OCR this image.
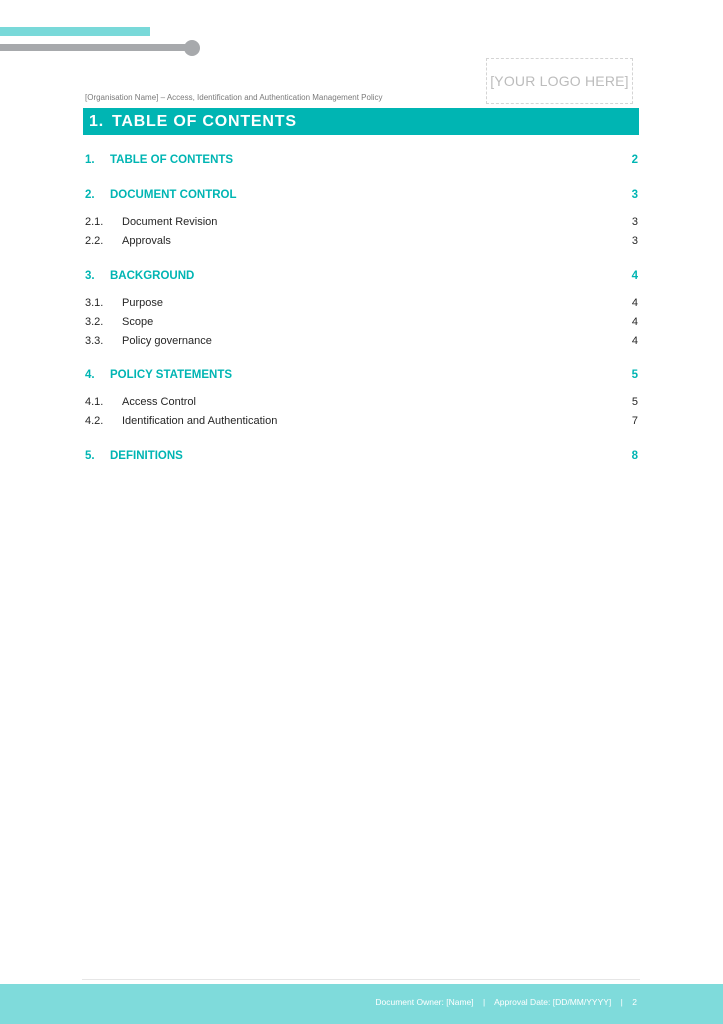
[YOUR LOGO HERE]
[Organisation Name] – Access, Identification and Authentication Management Policy
1. TABLE OF CONTENTS
1.	TABLE OF CONTENTS	2
2.	DOCUMENT CONTROL	3
2.1.	Document Revision	3
2.2.	Approvals	3
3.	BACKGROUND	4
3.1.	Purpose	4
3.2.	Scope	4
3.3.	Policy governance	4
4.	POLICY STATEMENTS	5
4.1.	Access Control	5
4.2.	Identification and Authentication	7
5.	DEFINITIONS	8
Document Owner: [Name] | Approval Date: [DD/MM/YYYY] | 2
